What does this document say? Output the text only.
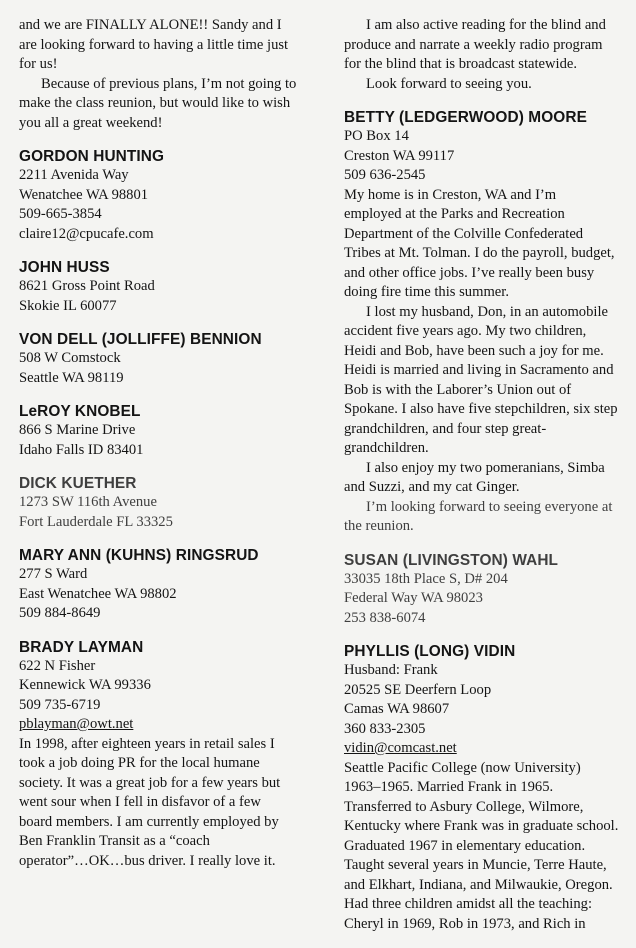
and we are FINALLY ALONE!! Sandy and I
are looking forward to having a little time just
for us!
Because of previous plans, I’m not going to
make the class reunion, but would like to wish
you all a great weekend!
GORDON HUNTING
2211 Avenida Way
Wenatchee WA 98801
509-665-3854
claire12@cpucafe.com
JOHN HUSS
8621 Gross Point Road
Skokie IL 60077
VON DELL (JOLLIFFE) BENNION
508 W Comstock
Seattle WA 98119
LeROY KNOBEL
866 S Marine Drive
Idaho Falls ID 83401
DICK KUETHER
1273 SW 116th Avenue
Fort Lauderdale FL 33325
MARY ANN (KUHNS) RINGSRUD
277 S Ward
East Wenatchee WA 98802
509 884-8649
BRADY LAYMAN
622 N Fisher
Kennewick WA 99336
509 735-6719
pblayman@owt.net
In 1998, after eighteen years in retail sales I
took a job doing PR for the local humane
society. It was a great job for a few years but
went sour when I fell in disfavor of a few
board members. I am currently employed by
Ben Franklin Transit as a “coach
operator”…OK…bus driver. I really love it.
I am also active reading for the blind and
produce and narrate a weekly radio program
for the blind that is broadcast statewide.
Look forward to seeing you.
BETTY (LEDGERWOOD) MOORE
PO Box 14
Creston WA 99117
509 636-2545
My home is in Creston, WA and I’m
employed at the Parks and Recreation
Department of the Colville Confederated
Tribes at Mt. Tolman. I do the payroll, budget,
and other office jobs. I’ve really been busy
doing fire time this summer.
I lost my husband, Don, in an automobile
accident five years ago. My two children,
Heidi and Bob, have been such a joy for me.
Heidi is married and living in Sacramento and
Bob is with the Laborer’s Union out of
Spokane. I also have five stepchildren, six step
grandchildren, and four step great-
grandchildren.
I also enjoy my two pomeranians, Simba
and Suzzi, and my cat Ginger.
I’m looking forward to seeing everyone at
the reunion.
SUSAN (LIVINGSTON) WAHL
33035 18th Place S, D# 204
Federal Way WA 98023
253 838-6074
PHYLLIS (LONG) VIDIN
Husband: Frank
20525 SE Deerfern Loop
Camas WA 98607
360 833-2305
vidin@comcast.net
Seattle Pacific College (now University)
1963–1965. Married Frank in 1965.
Transferred to Asbury College, Wilmore,
Kentucky where Frank was in graduate school.
Graduated 1967 in elementary education.
Taught several years in Muncie, Terre Haute,
and Elkhart, Indiana, and Milwaukie, Oregon.
Had three children amidst all the teaching:
Cheryl in 1969, Rob in 1973, and Rich in
